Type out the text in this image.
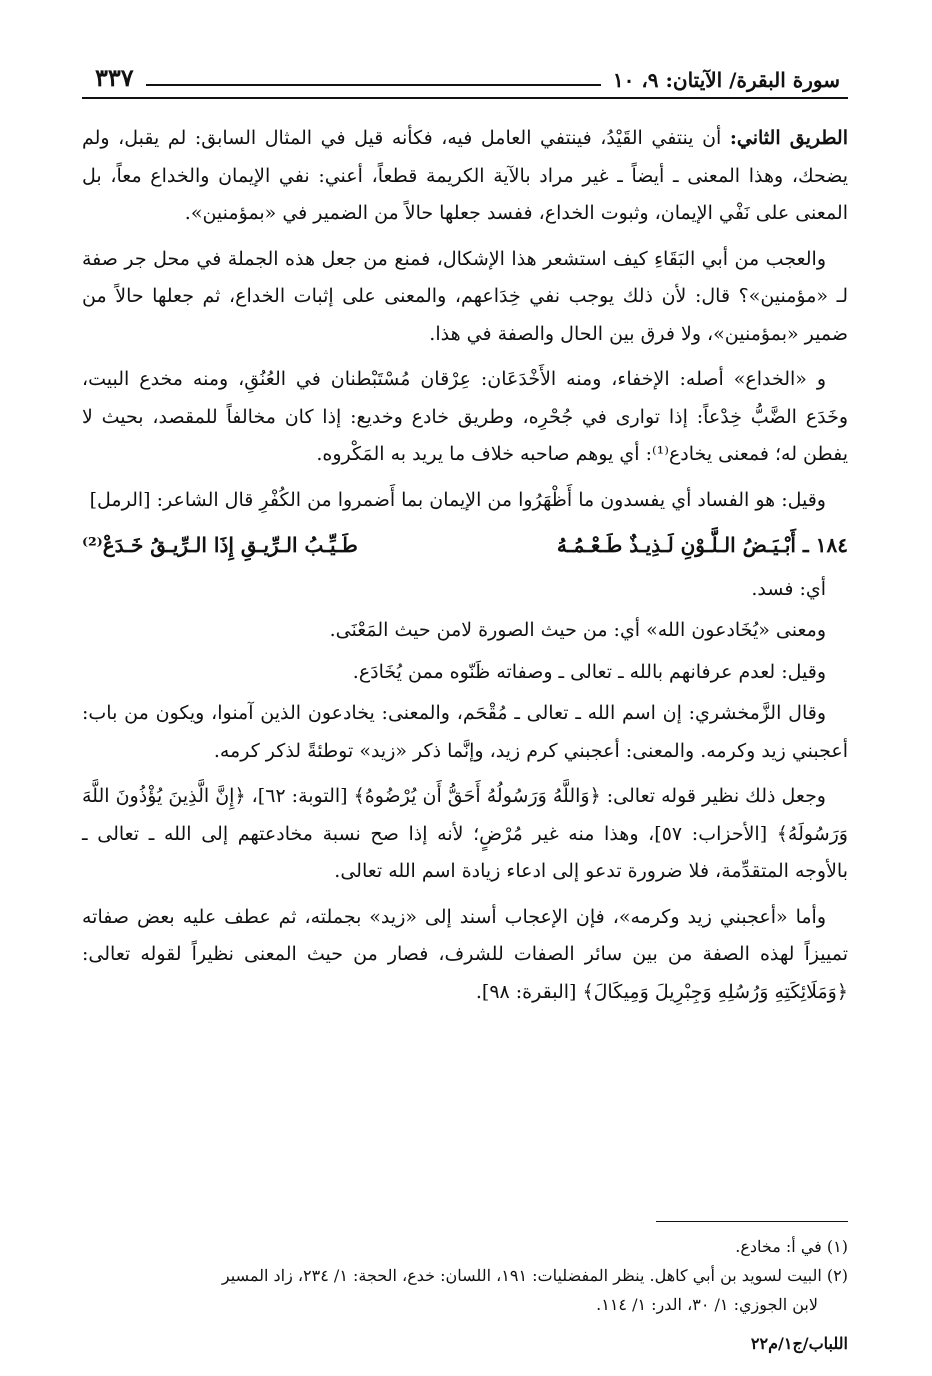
سورة البقرة/ الآيتان: ٩، ١٠
٣٣٧

الطريق الثاني: أن ينتفي القَيْدُ، فينتفي العامل فيه، فكأنه قيل في المثال السابق: لم يقبل، ولم يضحك، وهذا المعنى ـ أيضاً ـ غير مراد بالآية الكريمة قطعاً، أعني: نفي الإيمان والخداع معاً، بل المعنى على نَفْي الإيمان، وثبوت الخداع، ففسد جعلها حالاً من الضمير في «بمؤمنين».

والعجب من أبي البَقَاءِ كيف استشعر هذا الإشكال، فمنع من جعل هذه الجملة في محل جر صفة لـ «مؤمنين»؟ قال: لأن ذلك يوجب نفي خِدَاعهم، والمعنى على إثبات الخداع، ثم جعلها حالاً من ضمير «بمؤمنين»، ولا فرق بين الحال والصفة في هذا.

و «الخداع» أصله: الإخفاء، ومنه الأَخْدَعَان: عِرْقان مُسْتَبْطنان في العُنُقِ، ومنه مخدع البيت، وخَدَع الضَّبُّ خِدْعاً: إذا توارى في جُحْرِه، وطريق خادع وخديع: إذا كان مخالفاً للمقصد، بحيث لا يفطن له؛ فمعنى يخادع⁽¹⁾: أي يوهم صاحبه خلاف ما يريد به المَكْروه.

وقيل: هو الفساد أي يفسدون ما أَظْهَرُوا من الإيمان بما أَضمروا من الكُفْرِ قال الشاعر: [الرمل]

١٨٤ ـ أَبْـيَـضُ الـلَّـوْنِ لَـذِيـذٌ طَـعْـمُـهُ
طَـيِّـبُ الـرِّيـقِ إِذَا الـرِّيـقُ خَـدَعْ⁽²⁾

أي: فسد.

ومعنى «يُخَادعون الله» أي: من حيث الصورة لامن حيث المَعْنَى.

وقيل: لعدم عرفانهم بالله ـ تعالى ـ وصفاته ظَنّوه ممن يُخَادَع.

وقال الزَّمخشري: إن اسم الله ـ تعالى ـ مُقْحَم، والمعنى: يخادعون الذين آمنوا، ويكون من باب: أعجبني زيد وكرمه. والمعنى: أعجبني كرم زيد، وإنَّما ذكر «زيد» توطئةً لذكر كرمه.

وجعل ذلك نظير قوله تعالى: ﴿وَاللَّهُ وَرَسُولُهُ أَحَقُّ أَن يُرْضُوهُ﴾ [التوبة: ٦٢]، ﴿إِنَّ الَّذِينَ يُؤْذُونَ اللَّهَ وَرَسُولَهُ﴾ [الأحزاب: ٥٧]، وهذا منه غير مُرْضٍ؛ لأنه إذا صح نسبة مخادعتهم إلى الله ـ تعالى ـ بالأوجه المتقدِّمة، فلا ضرورة تدعو إلى ادعاء زيادة اسم الله تعالى.

وأما «أعجبني زيد وكرمه»، فإن الإعجاب أسند إلى «زيد» بجملته، ثم عطف عليه بعض صفاته تمييزاً لهذه الصفة من بين سائر الصفات للشرف، فصار من حيث المعنى نظيراً لقوله تعالى: ﴿وَمَلَائِكَتِهِ وَرُسُلِهِ وَجِبْرِيلَ وَمِيكَالَ﴾ [البقرة: ٩٨].

(١) في أ: مخادع.

(٢) البيت لسويد بن أبي كاهل. ينظر المفضليات: ١٩١، اللسان: خدع، الحجة: ١/ ٢٣٤، زاد المسير

لابن الجوزي: ١/ ٣٠، الدر: ١/ ١١٤.

اللباب/ج١/م٢٢
